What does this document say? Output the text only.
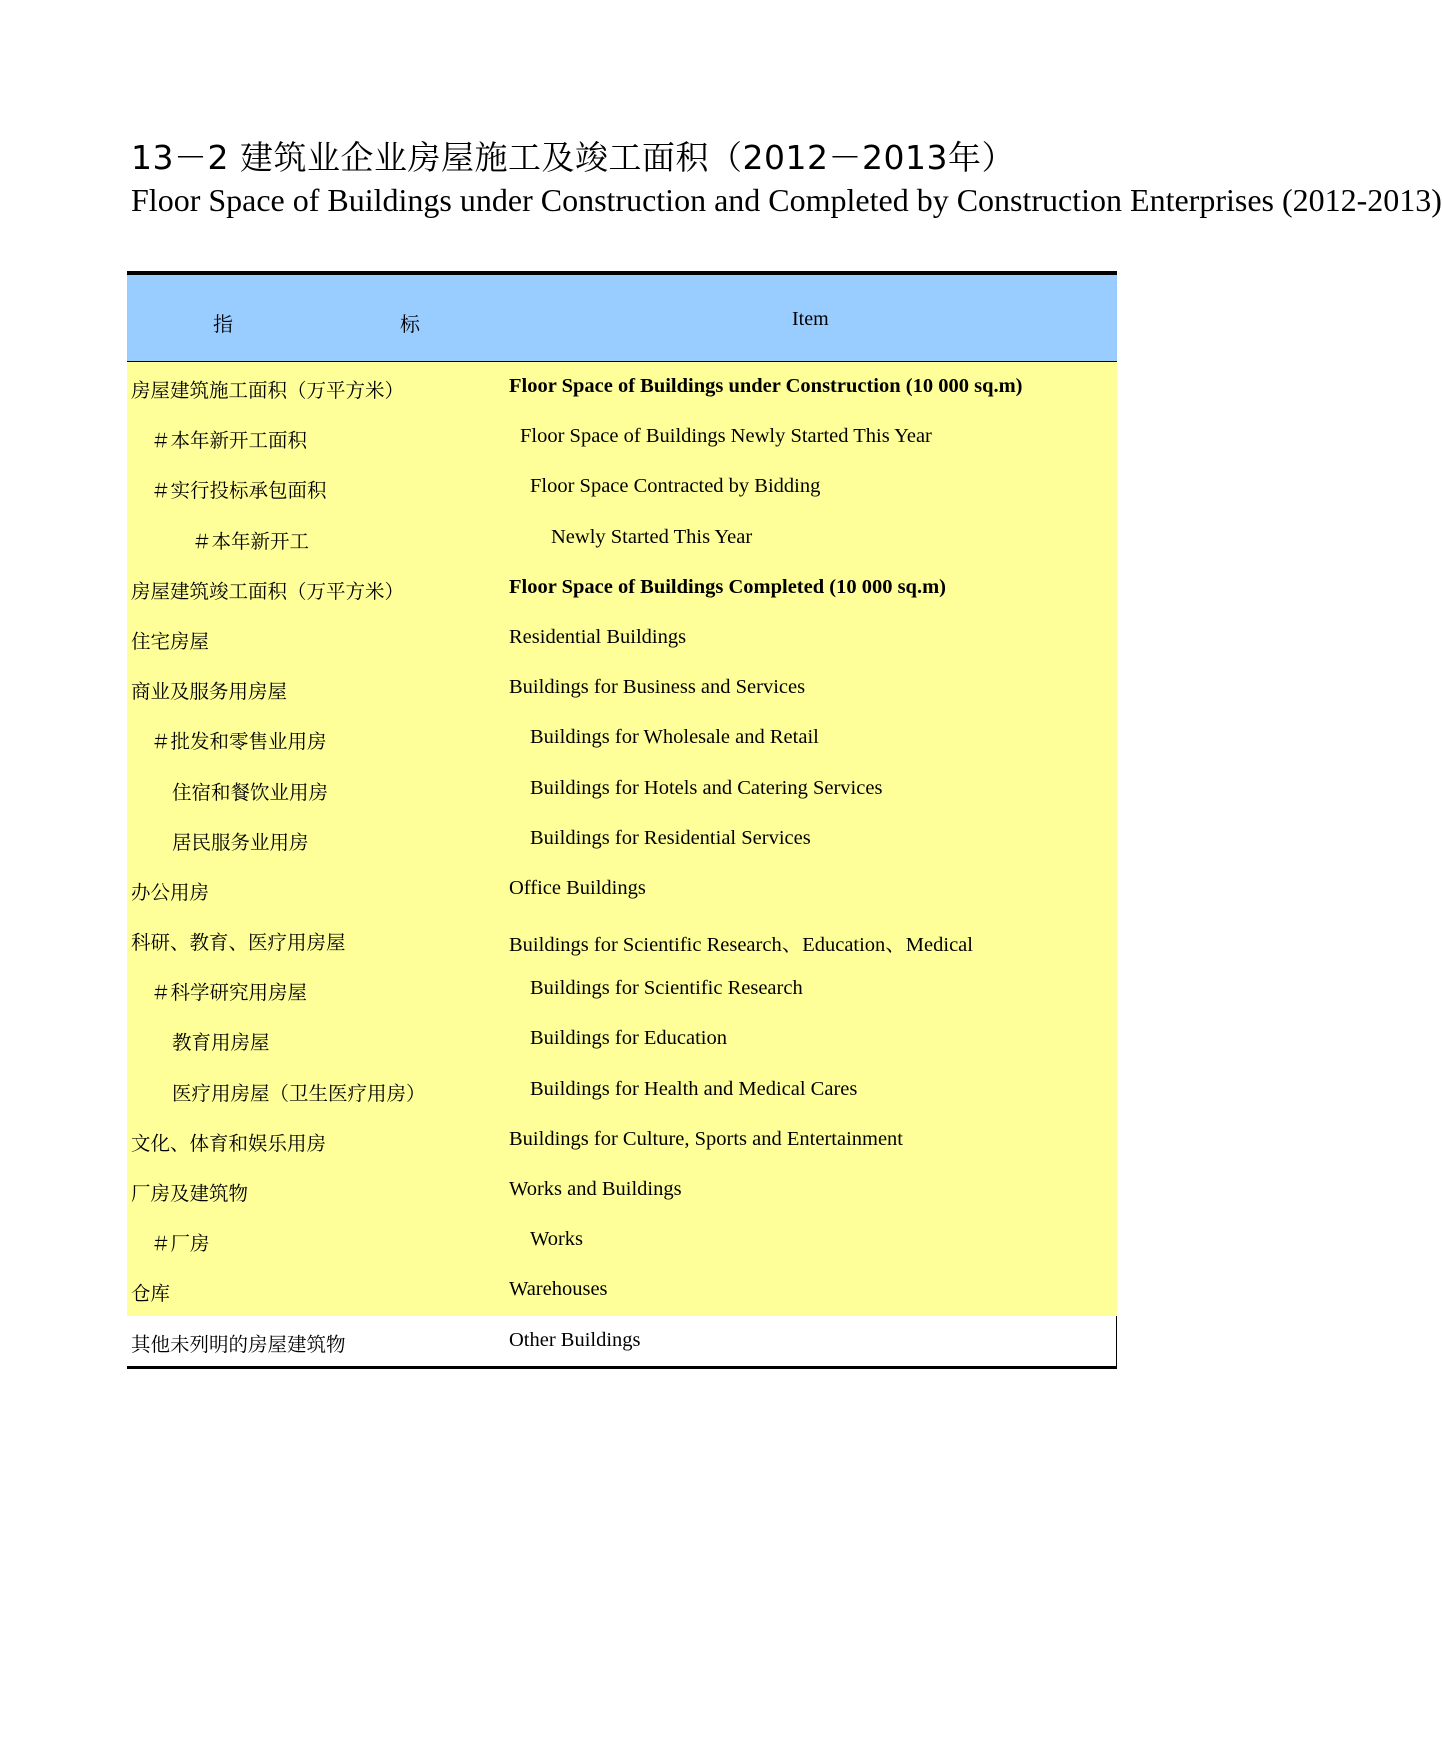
13－2 建筑业企业房屋施工及竣工面积（2012－2013年）
Floor Space of Buildings under Construction and Completed by Construction Enterprises (2012-2013)
指	标	Item
房屋建筑施工面积（万平方米）	Floor Space of Buildings under Construction (10 000 sq.m)
＃本年新开工面积	Floor Space of Buildings Newly Started This Year
＃实行投标承包面积	Floor Space Contracted by Bidding
＃本年新开工	Newly Started This Year
房屋建筑竣工面积（万平方米）	Floor Space of Buildings Completed (10 000 sq.m)
住宅房屋	Residential Buildings
商业及服务用房屋	Buildings for Business and Services
＃批发和零售业用房	Buildings for Wholesale and Retail
住宿和餐饮业用房	Buildings for Hotels and Catering Services
居民服务业用房	Buildings for Residential Services
办公用房	Office Buildings
科研、教育、医疗用房屋	Buildings for Scientific Research、Education、Medical
＃科学研究用房屋	Buildings for Scientific Research
教育用房屋	Buildings for Education
医疗用房屋（卫生医疗用房）	Buildings for Health and Medical Cares
文化、体育和娱乐用房	Buildings for Culture, Sports and Entertainment
厂房及建筑物	Works and Buildings
＃厂房	Works
仓库	Warehouses
其他未列明的房屋建筑物	Other Buildings
